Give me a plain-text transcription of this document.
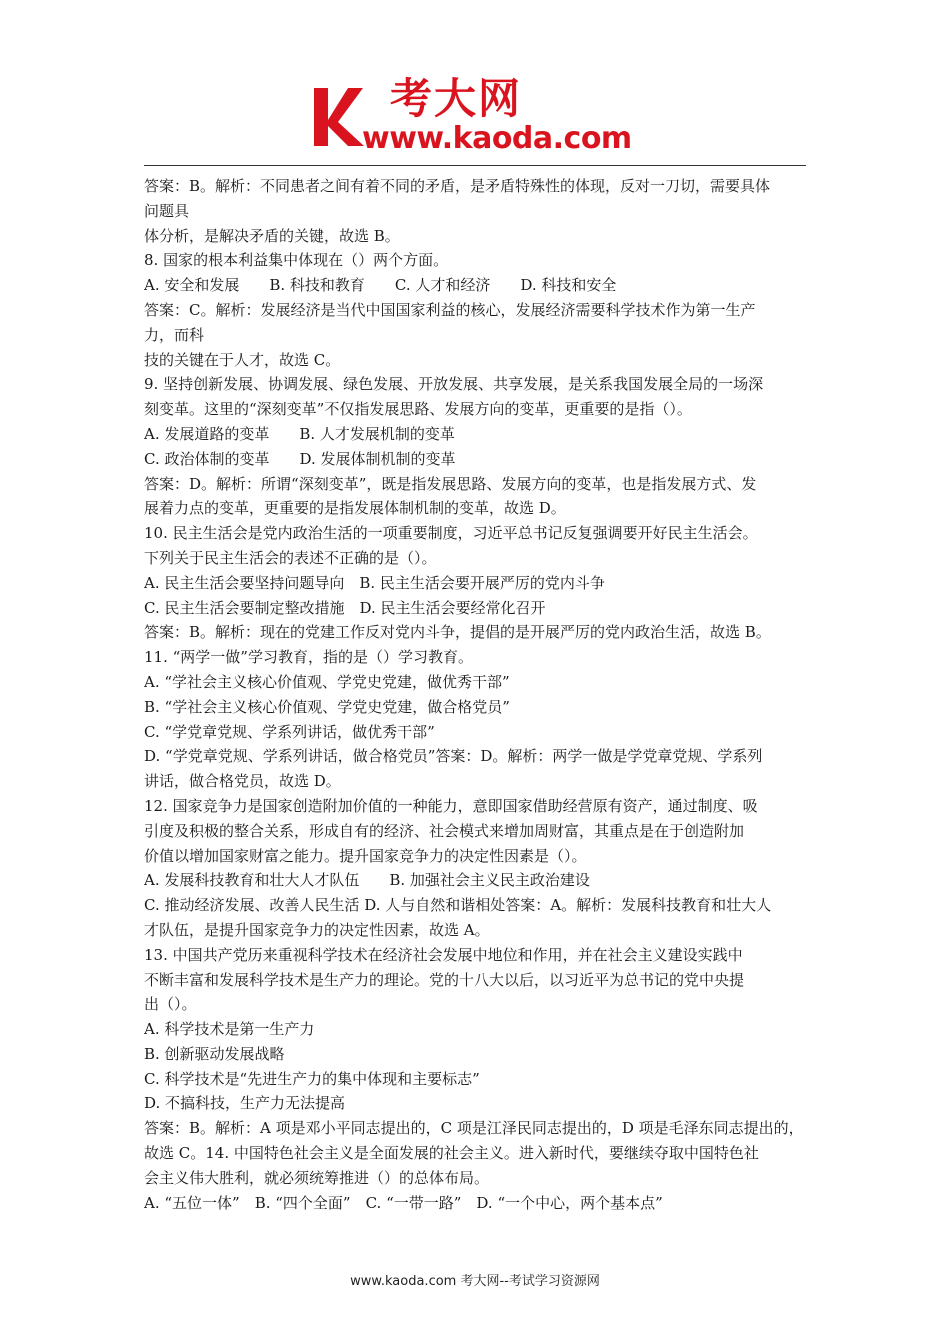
考大网
www.kaoda.com
答案：B。解析：不同患者之间有着不同的矛盾，是矛盾特殊性的体现，反对一刀切，需要具体
问题具
体分析，是解决矛盾的关键，故选 B。
8. 国家的根本利益集中体现在（）两个方面。
A. 安全和发展　　B. 科技和教育　　C. 人才和经济　　D. 科技和安全
答案：C。解析：发展经济是当代中国国家利益的核心，发展经济需要科学技术作为第一生产
力，而科
技的关键在于人才，故选 C。
9. 坚持创新发展、协调发展、绿色发展、开放发展、共享发展，是关系我国发展全局的一场深
刻变革。这里的“深刻变革”不仅指发展思路、发展方向的变革，更重要的是指（）。
A. 发展道路的变革　　B. 人才发展机制的变革
C. 政治体制的变革　　D. 发展体制机制的变革
答案：D。解析：所谓“深刻变革”，既是指发展思路、发展方向的变革，也是指发展方式、发
展着力点的变革，更重要的是指发展体制机制的变革，故选 D。
10. 民主生活会是党内政治生活的一项重要制度，习近平总书记反复强调要开好民主生活会。
下列关于民主生活会的表述不正确的是（）。
A. 民主生活会要坚持问题导向　B. 民主生活会要开展严厉的党内斗争
C. 民主生活会要制定整改措施　D. 民主生活会要经常化召开
答案：B。解析：现在的党建工作反对党内斗争，提倡的是开展严厉的党内政治生活，故选 B。
11. “两学一做”学习教育，指的是（）学习教育。
A. “学社会主义核心价值观、学党史党建，做优秀干部”
B. “学社会主义核心价值观、学党史党建，做合格党员”
C. “学党章党规、学系列讲话，做优秀干部”
D. “学党章党规、学系列讲话，做合格党员”答案：D。解析：两学一做是学党章党规、学系列
讲话，做合格党员，故选 D。
12. 国家竞争力是国家创造附加价值的一种能力，意即国家借助经营原有资产，通过制度、吸
引度及积极的整合关系，形成自有的经济、社会模式来增加周财富，其重点是在于创造附加
价值以增加国家财富之能力。提升国家竞争力的决定性因素是（）。
A. 发展科技教育和壮大人才队伍　　B. 加强社会主义民主政治建设
C. 推动经济发展、改善人民生活 D. 人与自然和谐相处答案：A。解析：发展科技教育和壮大人
才队伍，是提升国家竞争力的决定性因素，故选 A。
13. 中国共产党历来重视科学技术在经济社会发展中地位和作用，并在社会主义建设实践中
不断丰富和发展科学技术是生产力的理论。党的十八大以后，以习近平为总书记的党中央提
出（）。
A. 科学技术是第一生产力
B. 创新驱动发展战略
C. 科学技术是“先进生产力的集中体现和主要标志”
D. 不搞科技，生产力无法提高
答案：B。解析：A 项是邓小平同志提出的，C 项是江泽民同志提出的，D 项是毛泽东同志提出的，
故选 C。14. 中国特色社会主义是全面发展的社会主义。进入新时代，要继续夺取中国特色社
会主义伟大胜利，就必须统筹推进（）的总体布局。
A. “五位一体”　B. “四个全面”　C. “一带一路”　D. “一个中心，两个基本点”
www.kaoda.com 考大网--考试学习资源网
